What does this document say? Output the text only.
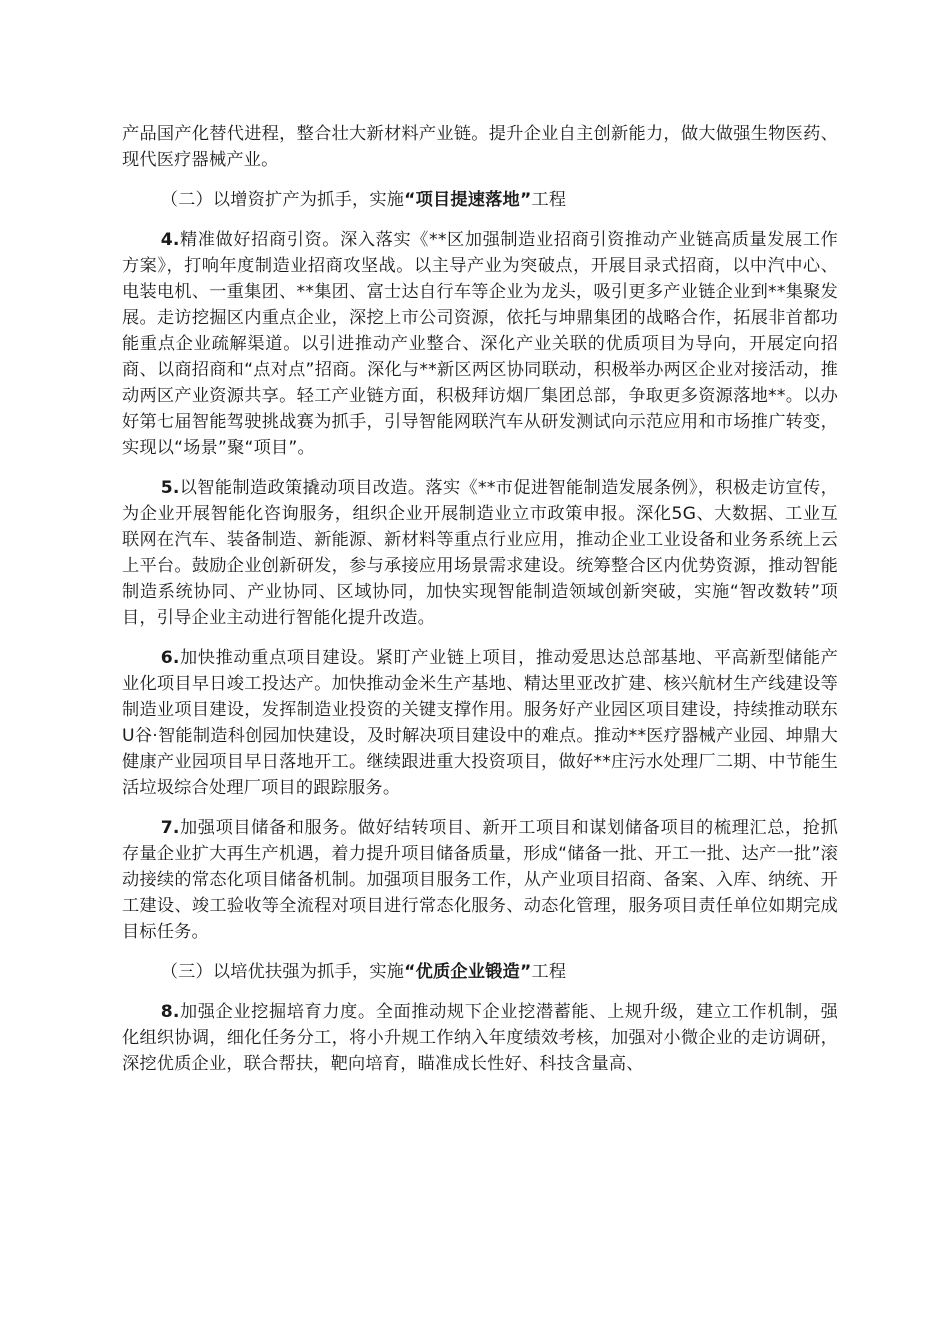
产品国产化替代进程，整合壮大新材料产业链。提升企业自主创新能力，做大做强生物医药、现代医疗器械产业。

（二）以增资扩产为抓手，实施“项目提速落地”工程

4.精准做好招商引资。深入落实《**区加强制造业招商引资推动产业链高质量发展工作方案》，打响年度制造业招商攻坚战。以主导产业为突破点，开展目录式招商，以中汽中心、电装电机、一重集团、**集团、富士达自行车等企业为龙头，吸引更多产业链企业到**集聚发展。走访挖掘区内重点企业，深挖上市公司资源，依托与坤鼎集团的战略合作，拓展非首都功能重点企业疏解渠道。以引进推动产业整合、深化产业关联的优质项目为导向，开展定向招商、以商招商和“点对点”招商。深化与**新区两区协同联动，积极举办两区企业对接活动，推动两区产业资源共享。轻工产业链方面，积极拜访烟厂集团总部，争取更多资源落地**。以办好第七届智能驾驶挑战赛为抓手，引导智能网联汽车从研发测试向示范应用和市场推广转变，实现以“场景”聚“项目”。

5.以智能制造政策撬动项目改造。落实《**市促进智能制造发展条例》，积极走访宣传，为企业开展智能化咨询服务，组织企业开展制造业立市政策申报。深化5G、大数据、工业互联网在汽车、装备制造、新能源、新材料等重点行业应用，推动企业工业设备和业务系统上云上平台。鼓励企业创新研发，参与承接应用场景需求建设。统筹整合区内优势资源，推动智能制造系统协同、产业协同、区域协同，加快实现智能制造领域创新突破，实施“智改数转”项目，引导企业主动进行智能化提升改造。

6.加快推动重点项目建设。紧盯产业链上项目，推动爱思达总部基地、平高新型储能产业化项目早日竣工投达产。加快推动金米生产基地、精达里亚改扩建、核兴航材生产线建设等制造业项目建设，发挥制造业投资的关键支撑作用。服务好产业园区项目建设，持续推动联东U谷·智能制造科创园加快建设，及时解决项目建设中的难点。推动**医疗器械产业园、坤鼎大健康产业园项目早日落地开工。继续跟进重大投资项目，做好**庄污水处理厂二期、中节能生活垃圾综合处理厂项目的跟踪服务。

7.加强项目储备和服务。做好结转项目、新开工项目和谋划储备项目的梳理汇总，抢抓存量企业扩大再生产机遇，着力提升项目储备质量，形成“储备一批、开工一批、达产一批”滚动接续的常态化项目储备机制。加强项目服务工作，从产业项目招商、备案、入库、纳统、开工建设、竣工验收等全流程对项目进行常态化服务、动态化管理，服务项目责任单位如期完成目标任务。

（三）以培优扶强为抓手，实施“优质企业锻造”工程

8.加强企业挖掘培育力度。全面推动规下企业挖潜蓄能、上规升级，建立工作机制，强化组织协调，细化任务分工，将小升规工作纳入年度绩效考核，加强对小微企业的走访调研，深挖优质企业，联合帮扶，靶向培育，瞄准成长性好、科技含量高、
